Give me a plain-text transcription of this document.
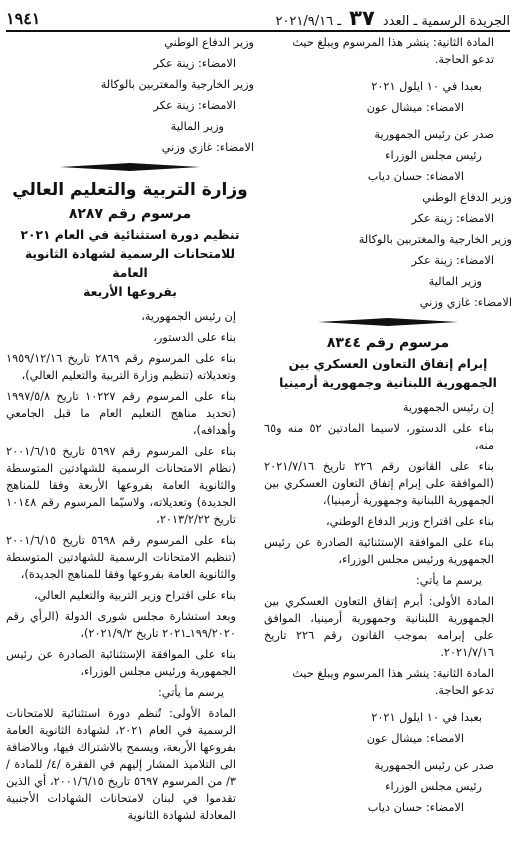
الجريدة الرسمية ـ العدد ٣٧ ـ ٢٠٢١/٩/١٦
١٩٤١

المادة الثانية: ينشر هذا المرسوم ويبلغ حيث
تدعو الحاجة.

بعبدا في ١٠ ايلول ٢٠٢١

الامضاء: ميشال عون

صدر عن رئيس الجمهورية

رئيس مجلس الوزراء

الامضاء: حسان دياب

وزير الدفاع الوطني

الامضاء: زينة عكر

وزير الخارجية والمغتربين بالوكالة

الامضاء: زينة عكر

وزير المالية

الامضاء: غازي وزني

مرسوم رقم ٨٣٤٤
إبرام إتفاق التعاون العسكري بين
الجمهورية اللبنانية وجمهورية أرمينيا

إن رئيس الجمهورية

بناء على الدستور، لاسيما المادتين ٥٢ منه و٦٥ منه،

بناء على القانون رقم ٢٢٦ تاريخ ٢٠٢١/٧/١٦ (الموافقة على إبرام إتفاق التعاون العسكري بين الجمهورية اللبنانية وجمهورية أرمينيا)،

بناء على اقتراح وزير الدفاع الوطني،

بناء على الموافقة الإستثنائية الصادرة عن رئيس الجمهورية ورئيس مجلس الوزراء،

يرسم ما يأتي:

المادة الأولى: أبرم إتفاق التعاون العسكري بين الجمهورية اللبنانية وجمهورية أرمينيا، الموافق على إبرامه بموجب القانون رقم ٢٢٦ تاريخ ٢٠٢١/٧/١٦.

المادة الثانية: ينشر هذا المرسوم ويبلغ حيث
تدعو الحاجة.

بعبدا في ١٠ ايلول ٢٠٢١

الامضاء: ميشال عون

صدر عن رئيس الجمهورية

رئيس مجلس الوزراء

الامضاء: حسان دياب

وزير الدفاع الوطني

الامضاء: زينة عكر

وزير الخارجية والمغتربين بالوكالة

الامضاء: زينة عكر

وزير المالية

الامضاء: غازي وزني

وزارة التربية والتعليم العالي
مرسوم رقم ٨٢٨٧
تنظيم دورة استثنائية في العام ٢٠٢١
للامتحانات الرسمية لشهادة الثانوية العامة
بفروعها الأربعة

إن رئيس الجمهورية،

بناء على الدستور،

بناء على المرسوم رقم ٢٨٦٩ تاريخ ١٩٥٩/١٢/١٦ وتعديلاته (تنظيم وزارة التربية والتعليم العالي)،

بناء على المرسوم رقم ١٠٢٢٧ تاريخ ١٩٩٧/٥/٨ (تحديد مناهج التعليم العام ما قبل الجامعي وأهدافه)،

بناء على المرسوم رقم ٥٦٩٧ تاريخ ٢٠٠١/٦/١٥ (نظام الامتحانات الرسمية للشهادتين المتوسطة والثانوية العامة بفروعها الأربعة وفقا للمناهج الجديدة) وتعديلاته، ولاسيّما المرسوم رقم ١٠١٤٨ تاريخ ٢٠١٣/٢/٢٢،

بناء على المرسوم رقم ٥٦٩٨ تاريخ ٢٠٠١/٦/١٥ (تنظيم الامتحانات الرسمية للشهادتين المتوسطة والثانوية العامة بفروعها وفقا للمناهج الجديدة)،

بناء على اقتراح وزير التربية والتعليم العالي،

وبعد استشارة مجلس شورى الدولة (الرأي رقم ١٩٩/٢٠٢٠ـ٢٠٢١ تاريخ ٢٠٢١/٩/٢)،

بناء على الموافقة الإستثنائية الصادرة عن رئيس الجمهورية ورئيس مجلس الوزراء،

يرسم ما يأتي:

المادة الأولى: تُنظم دورة استثنائية للامتحانات الرسمية في العام ٢٠٢١، لشهادة الثانوية العامة بفروعها الأربعة، ويسمح بالاشتراك فيها، وبالاضافة الى التلاميذ المشار إليهم في الفقرة /٤/ للمادة /٣/ من المرسوم ٥٦٩٧ تاريخ ٢٠٠١/٦/١٥، أي الذين تقدموا في لبنان لامتحانات الشهادات الأجنبية المعادلة لشهادة الثانوية
